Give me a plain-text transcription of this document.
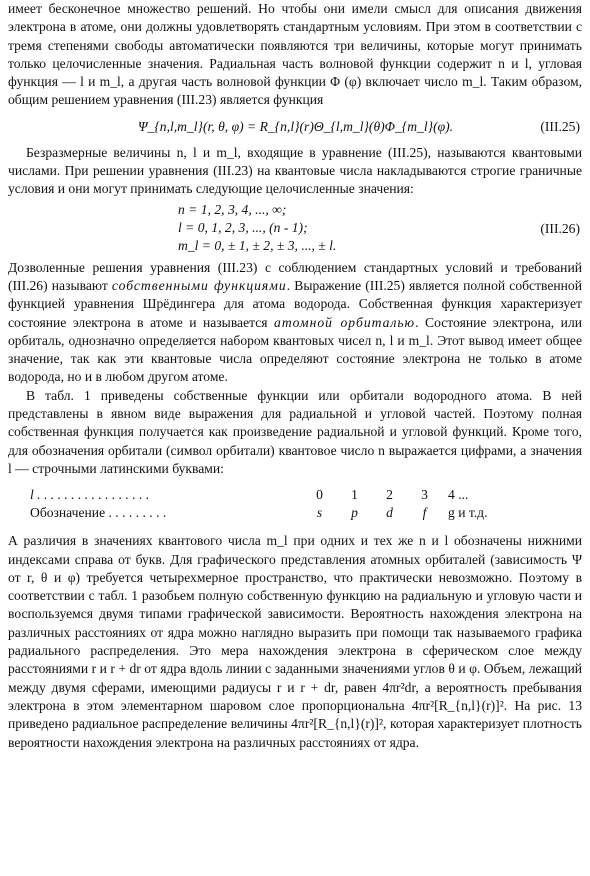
имеет бесконечное множество решений. Но чтобы они имели смысл для описания движения электрона в атоме, они должны удовлетворять стандартным условиям. При этом в соответствии с тремя степенями свободы автоматически появляются три величины, которые могут принимать только целочисленные значения. Радиальная часть волновой функции содержит n и l, угловая функция — l и m_l, а другая часть волновой функции Φ (φ) включает число m_l. Таким образом, общим решением уравнения (III.23) является функция

Ψ_{n,l,m_l}(r, θ, φ) = R_{n,l}(r)Θ_{l,m_l}(θ)Φ_{m_l}(φ).	(III.25)

Безразмерные величины n, l и m_l, входящие в уравнение (III.25), называются квантовыми числами. При решении уравнения (III.23) на квантовые числа накладываются строгие граничные условия и они могут принимать следующие целочисленные значения:

n = 1, 2, 3, 4, ..., ∞;
l = 0, 1, 2, 3, ..., (n - 1);
m_l = 0, ± 1, ± 2, ± 3, ..., ± l.
(III.26)

Дозволенные решения уравнения (III.23) с соблюдением стандартных условий и требований (III.26) называют собственными функциями. Выражение (III.25) является полной собственной функцией уравнения Шрёдингера для атома водорода. Собственная функция характеризует состояние электрона в атоме и называется атомной орбиталью. Состояние электрона, или орбиталь, однозначно определяется набором квантовых чисел n, l и m_l. Этот вывод имеет общее значение, так как эти квантовые числа определяют состояние электрона не только в атоме водорода, но и в любом другом атоме.

В табл. 1 приведены собственные функции или орбитали водородного атома. В ней представлены в явном виде выражения для радиальной и угловой частей. Поэтому полная собственная функция получается как произведение радиальной и угловой функций. Кроме того, для обозначения орбитали (символ орбитали) квантовое число n выражается цифрами, а значения l — строчными латинскими буквами:

l . . . . . . . . . . . . . . . . .	0	1	2	3	4 ...
Обозначение . . . . . . . . .	s	p	d	f	g и т.д.

А различия в значениях квантового числа m_l при одних и тех же n и l обозначены нижними индексами справа от букв. Для графического представления атомных орбиталей (зависимость Ψ от r, θ и φ) требуется четырехмерное пространство, что практически невозможно. Поэтому в соответствии с табл. 1 разобьем полную собственную функцию на радиальную и угловую части и воспользуемся двумя типами графической зависимости. Вероятность нахождения электрона на различных расстояниях от ядра можно наглядно выразить при помощи так называемого графика радиального распределения. Это мера нахождения электрона в сферическом слое между расстояниями r и r + dr от ядра вдоль линии с заданными значениями углов θ и φ. Объем, лежащий между двумя сферами, имеющими радиусы r и r + dr, равен 4πr²dr, а вероятность пребывания электрона в этом элементарном шаровом слое пропорциональна 4πr²[R_{n,l}(r)]². На рис. 13 приведено радиальное распределение величины 4πr²[R_{n,l}(r)]², которая характеризует плотность вероятности нахождения электрона на различных расстояниях от ядра.
